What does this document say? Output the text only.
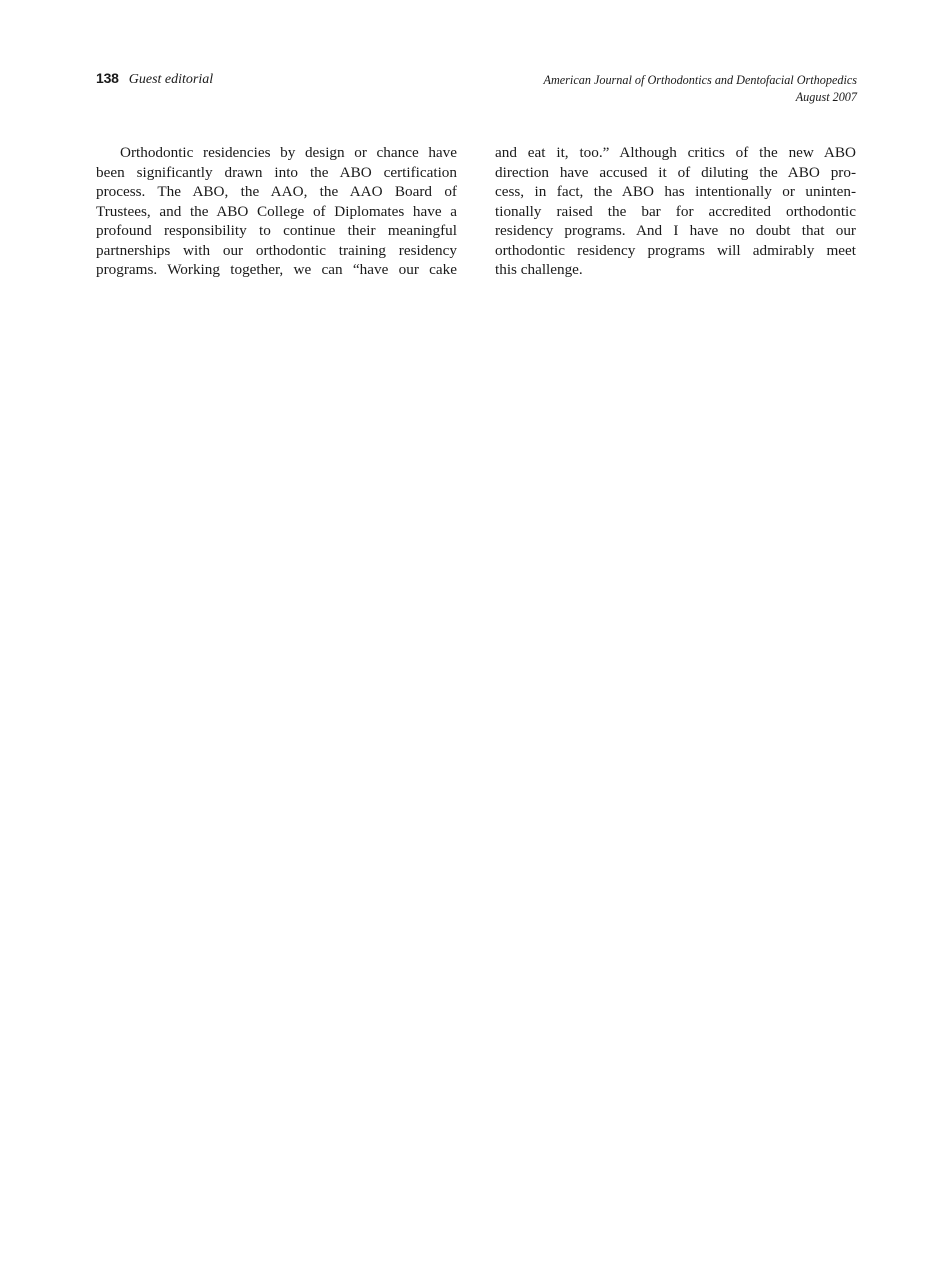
138 Guest editorial	American Journal of Orthodontics and Dentofacial Orthopedics
August 2007
Orthodontic residencies by design or chance have
been significantly drawn into the ABO certification
process. The ABO, the AAO, the AAO Board of
Trustees, and the ABO College of Diplomates have a
profound responsibility to continue their meaningful
partnerships with our orthodontic training residency
programs. Working together, we can “have our cake
and eat it, too.” Although critics of the new ABO
direction have accused it of diluting the ABO pro-
cess, in fact, the ABO has intentionally or uninten-
tionally raised the bar for accredited orthodontic
residency programs. And I have no doubt that our
orthodontic residency programs will admirably meet
this challenge.
